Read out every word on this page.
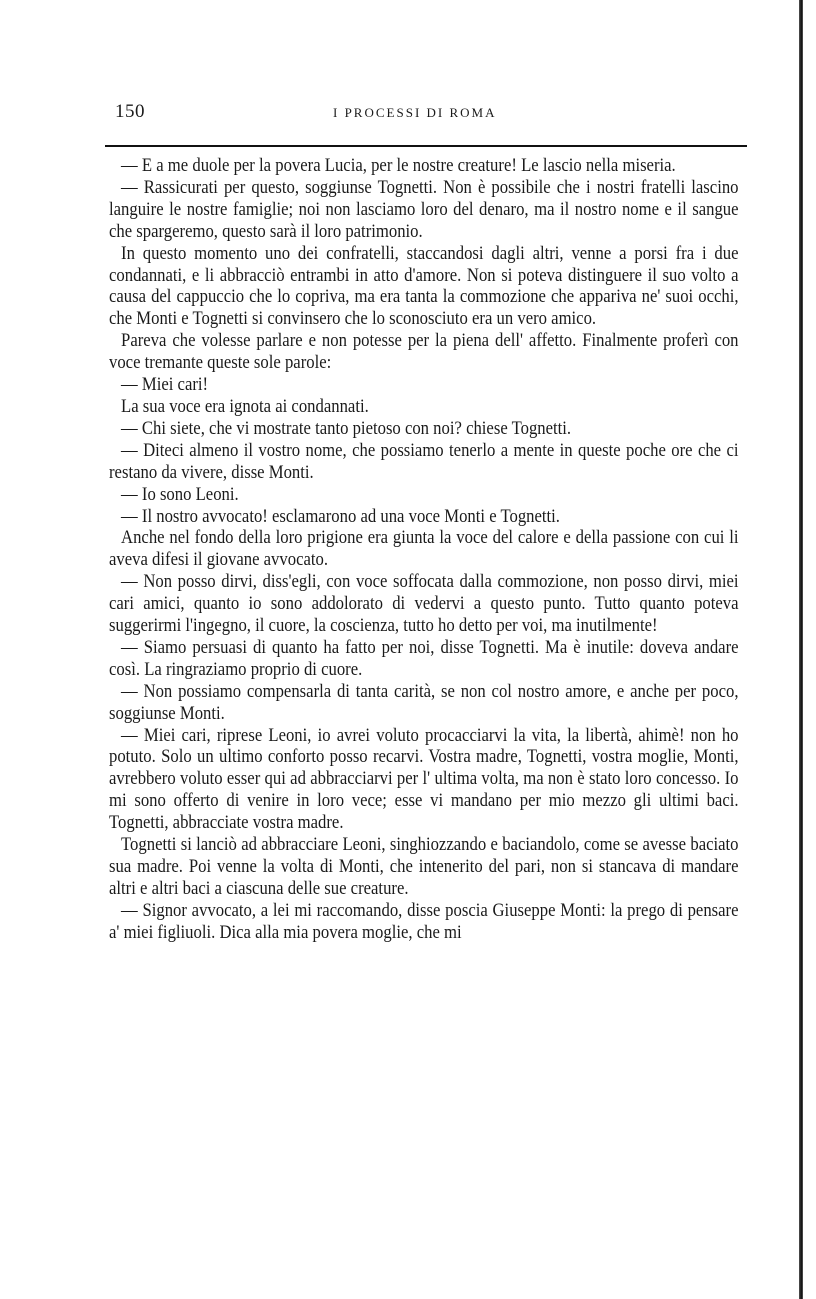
150	I PROCESSI DI ROMA

— E a me duole per la povera Lucia, per le nostre creature! Le lascio nella miseria.

— Rassicurati per questo, soggiunse Tognetti. Non è possibile che i nostri fratelli lascino languire le nostre famiglie; noi non lasciamo loro del denaro, ma il nostro nome e il sangue che spargeremo, questo sarà il loro patrimonio.

In questo momento uno dei confratelli, staccandosi dagli altri, venne a porsi fra i due condannati, e li abbracciò entrambi in atto d'amore. Non si poteva distinguere il suo volto a causa del cappuccio che lo copriva, ma era tanta la commozione che appariva ne' suoi occhi, che Monti e Tognetti si convinsero che lo sconosciuto era un vero amico.

Pareva che volesse parlare e non potesse per la piena dell' affetto. Finalmente proferì con voce tremante queste sole parole:

— Miei cari!

La sua voce era ignota ai condannati.

— Chi siete, che vi mostrate tanto pietoso con noi? chiese Tognetti.

— Diteci almeno il vostro nome, che possiamo tenerlo a mente in queste poche ore che ci restano da vivere, disse Monti.

— Io sono Leoni.

— Il nostro avvocato! esclamarono ad una voce Monti e Tognetti.

Anche nel fondo della loro prigione era giunta la voce del calore e della passione con cui li aveva difesi il giovane avvocato.

— Non posso dirvi, diss'egli, con voce soffocata dalla commozione, non posso dirvi, miei cari amici, quanto io sono addolorato di vedervi a questo punto. Tutto quanto poteva suggerirmi l'ingegno, il cuore, la coscienza, tutto ho detto per voi, ma inutilmente!

— Siamo persuasi di quanto ha fatto per noi, disse Tognetti. Ma è inutile: doveva andare così. La ringraziamo proprio di cuore.

— Non possiamo compensarla di tanta carità, se non col nostro amore, e anche per poco, soggiunse Monti.

— Miei cari, riprese Leoni, io avrei voluto procacciarvi la vita, la libertà, ahimè! non ho potuto. Solo un ultimo conforto posso recarvi. Vostra madre, Tognetti, vostra moglie, Monti, avrebbero voluto esser qui ad abbracciarvi per l' ultima volta, ma non è stato loro concesso. Io mi sono offerto di venire in loro vece; esse vi mandano per mio mezzo gli ultimi baci. Tognetti, abbracciate vostra madre.

Tognetti si lanciò ad abbracciare Leoni, singhiozzando e baciandolo, come se avesse baciato sua madre. Poi venne la volta di Monti, che intenerito del pari, non si stancava di mandare altri e altri baci a ciascuna delle sue creature.

— Signor avvocato, a lei mi raccomando, disse poscia Giuseppe Monti: la prego di pensare a' miei figliuoli. Dica alla mia povera moglie, che mi
